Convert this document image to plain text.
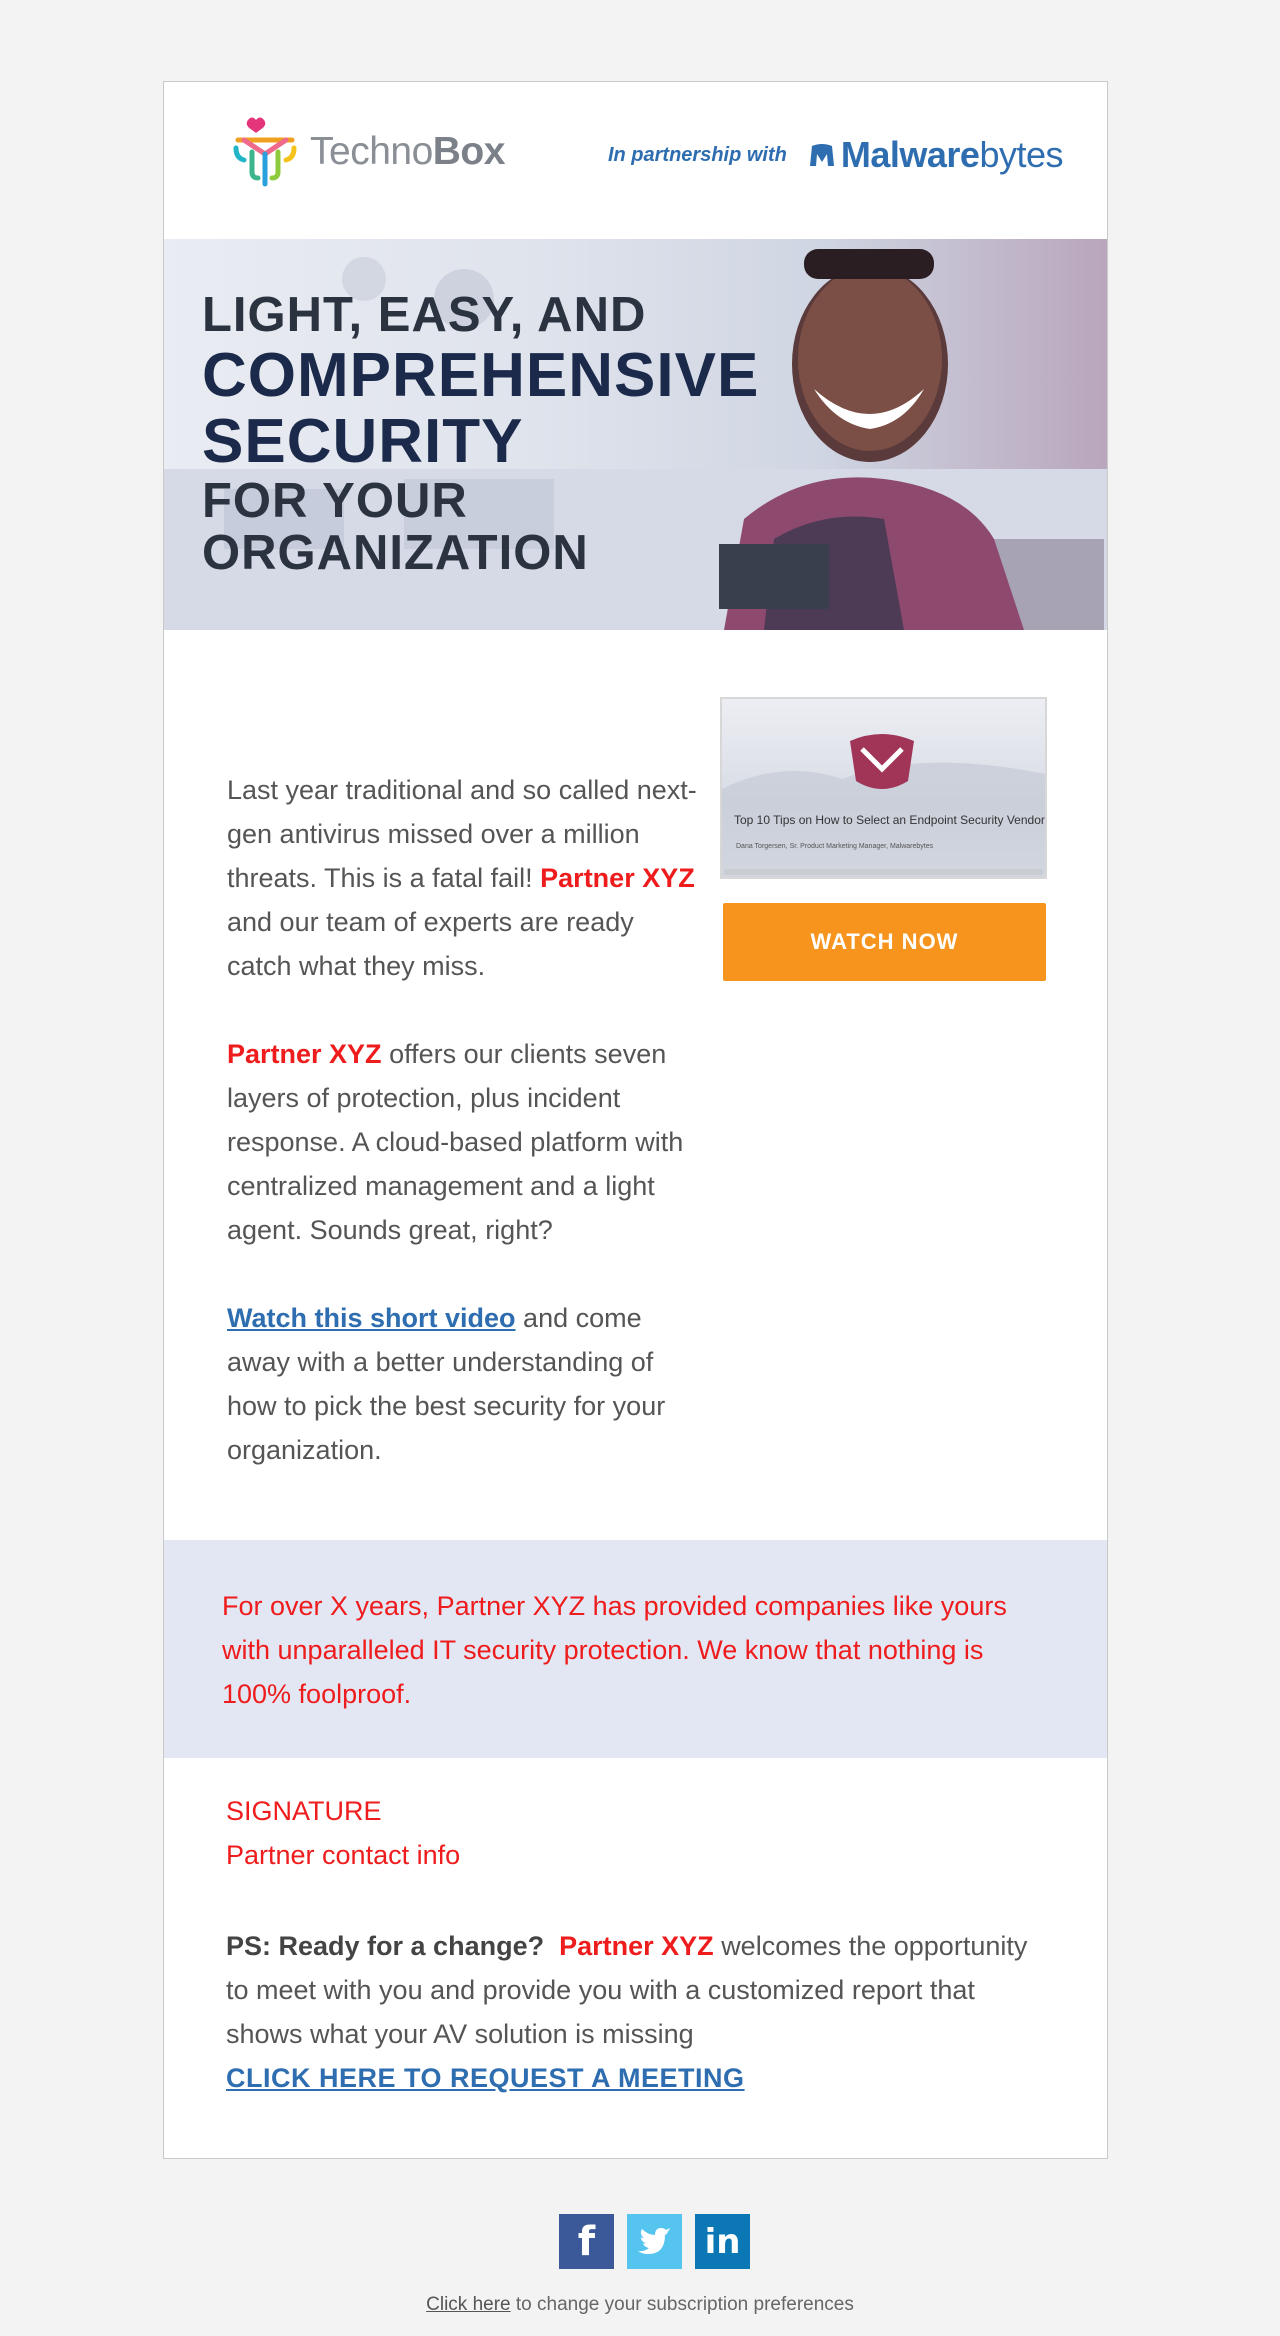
TechnoBox	In partnership with Malware bytes
LIGHT, EASY, AND
COMPREHENSIVE
SECURITY
FOR YOUR
ORGANIZATION

Last year traditional and so called next-gen antivirus missed over a million threats. This is a fatal fail! Partner XYZ and our team of experts are ready catch what they miss.

Partner XYZ offers our clients seven layers of protection, plus incident response. A cloud-based platform with centralized management and a light agent. Sounds great, right?

Watch this short video and come away with a better understanding of how to pick the best security for your organization.

Top 10 Tips on How to Select an Endpoint Security Vendor
Dana Torgersen, Sr. Product Marketing Manager, Malwarebytes
WATCH NOW
For over X years, Partner XYZ has provided companies like yours with unparalleled IT security protection. We know that nothing is 100% foolproof.
SIGNATURE
Partner contact info
PS: Ready for a change? Partner XYZ welcomes the opportunity to meet with you and provide you with a customized report that shows what your AV solution is missing
CLICK HERE TO REQUEST A MEETING
f	in
Click here to change your subscription preferences
